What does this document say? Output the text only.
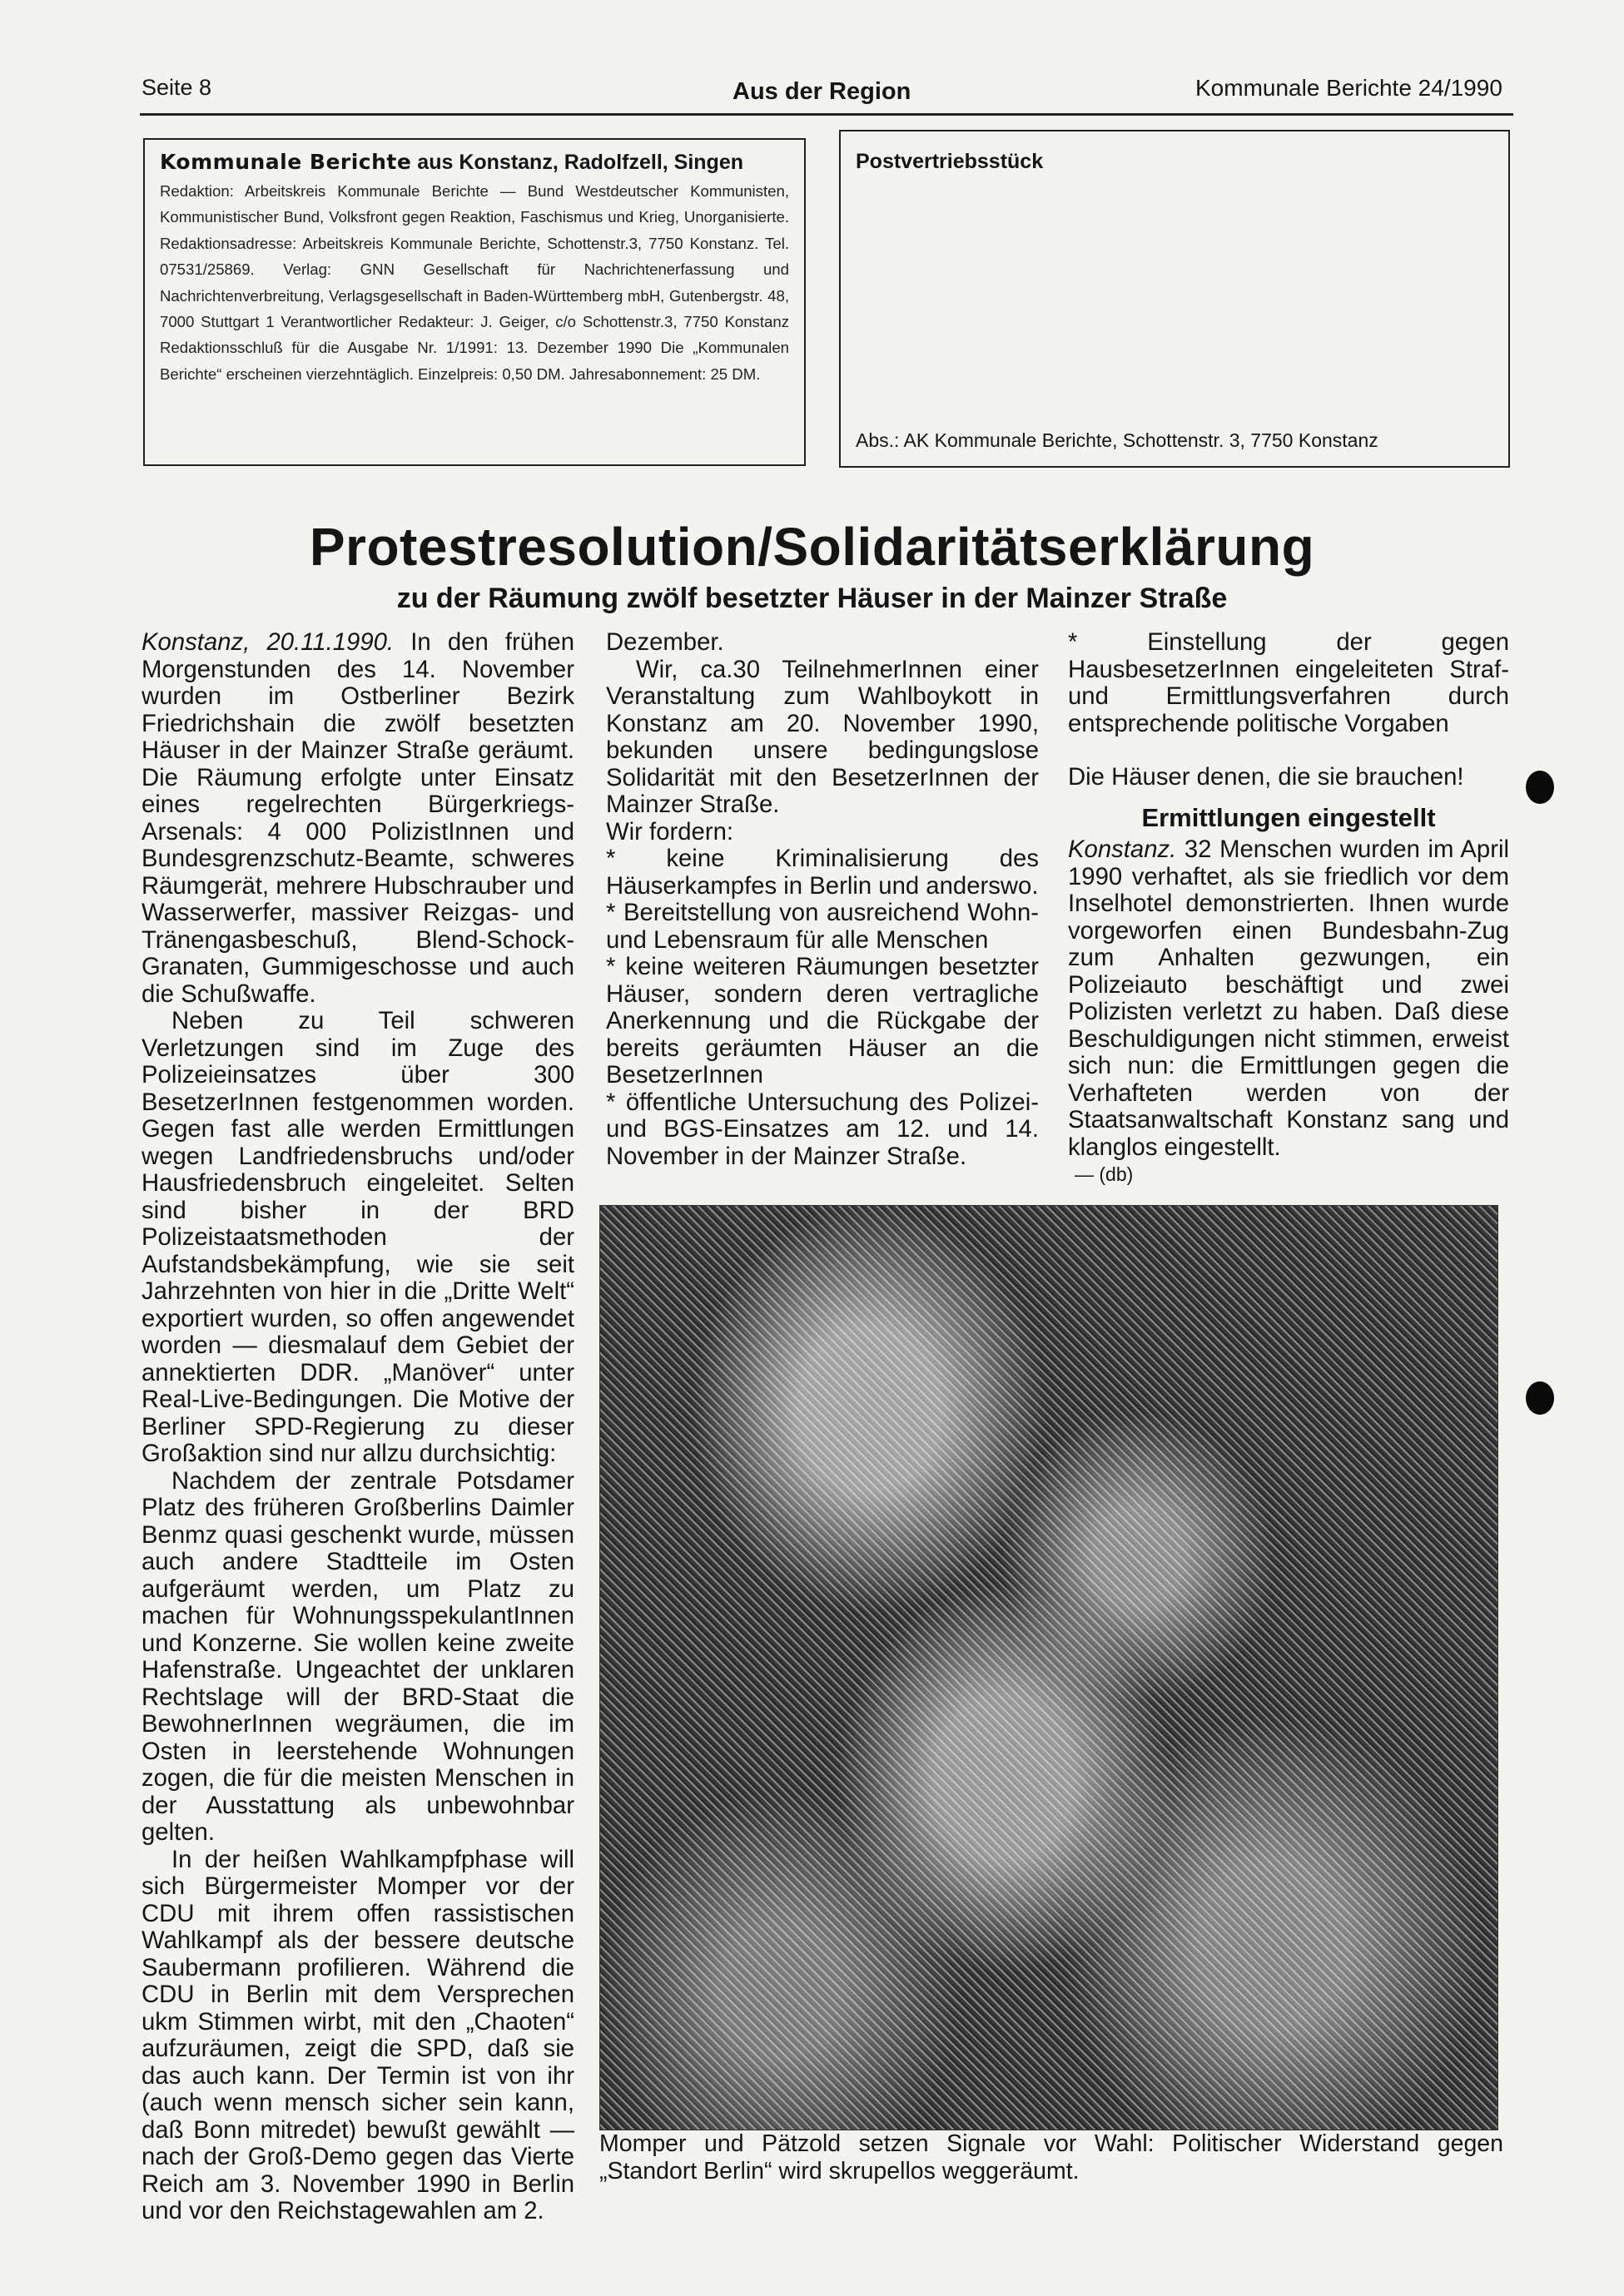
Seite 8	Aus der Region	Kommunale Berichte 24/1990
Kommunale Berichte aus Konstanz, Radolfzell, Singen
Redaktion: Arbeitskreis Kommunale Berichte — Bund Westdeutscher Kommunisten, Kommunistischer Bund, Volksfront gegen Reaktion, Faschismus und Krieg, Unorganisierte. Redaktionsadresse: Arbeitskreis Kommunale Berichte, Schottenstr.3, 7750 Konstanz. Tel. 07531/25869. Verlag: GNN Gesellschaft für Nachrichtenerfassung und Nachrichtenverbreitung, Verlagsgesellschaft in Baden-Württemberg mbH, Gutenbergstr. 48, 7000 Stuttgart 1 Verantwortlicher Redakteur: J. Geiger, c/o Schottenstr.3, 7750 Konstanz Redaktionsschluß für die Ausgabe Nr. 1/1991: 13. Dezember 1990 Die „Kommunalen Berichte“ erscheinen vierzehntäglich. Einzelpreis: 0,50 DM. Jahresabonnement: 25 DM.
Postvertriebsstück
Abs.: AK Kommunale Berichte, Schottenstr. 3, 7750 Konstanz
Protestresolution/Solidaritätserklärung
zu der Räumung zwölf besetzter Häuser in der Mainzer Straße

Konstanz, 20.11.1990. In den frühen Morgenstunden des 14. November wurden im Ostberliner Bezirk Friedrichshain die zwölf besetzten Häuser in der Mainzer Straße geräumt. Die Räumung erfolgte unter Einsatz eines regelrechten Bürgerkriegs-Arsenals: 4 000 PolizistInnen und Bundesgrenzschutz-Beamte, schweres Räumgerät, mehrere Hubschrauber und Wasserwerfer, massiver Reizgas- und Tränengasbeschuß, Blend-Schock-Granaten, Gummigeschosse und auch die Schußwaffe.

Neben zu Teil schweren Verletzungen sind im Zuge des Polizeieinsatzes über 300 BesetzerInnen festgenommen worden. Gegen fast alle werden Ermittlungen wegen Landfriedensbruchs und/oder Hausfriedensbruch eingeleitet. Selten sind bisher in der BRD Polizeistaatsmethoden der Aufstandsbekämpfung, wie sie seit Jahrzehnten von hier in die „Dritte Welt“ exportiert wurden, so offen angewendet worden — diesmalauf dem Gebiet der annektierten DDR. „Manöver“ unter Real-Live-Bedingungen. Die Motive der Berliner SPD-Regierung zu dieser Großaktion sind nur allzu durchsichtig:

Nachdem der zentrale Potsdamer Platz des früheren Großberlins Daimler Benmz quasi geschenkt wurde, müssen auch andere Stadtteile im Osten aufgeräumt werden, um Platz zu machen für WohnungsspekulantInnen und Konzerne. Sie wollen keine zweite Hafenstraße. Ungeachtet der unklaren Rechtslage will der BRD-Staat die BewohnerInnen wegräumen, die im Osten in leerstehende Wohnungen zogen, die für die meisten Menschen in der Ausstattung als unbewohnbar gelten.

In der heißen Wahlkampfphase will sich Bürgermeister Momper vor der CDU mit ihrem offen rassistischen Wahlkampf als der bessere deutsche Saubermann profilieren. Während die CDU in Berlin mit dem Versprechen ukm Stimmen wirbt, mit den „Chaoten“ aufzuräumen, zeigt die SPD, daß sie das auch kann. Der Termin ist von ihr (auch wenn mensch sicher sein kann, daß Bonn mitredet) bewußt gewählt — nach der Groß-Demo gegen das Vierte Reich am 3. November 1990 in Berlin und vor den Reichstagewahlen am 2.

Dezember.

Wir, ca.30 TeilnehmerInnen einer Veranstaltung zum Wahlboykott in Konstanz am 20. November 1990, bekunden unsere bedingungslose Solidarität mit den BesetzerInnen der Mainzer Straße.

Wir fordern:

* keine Kriminalisierung des Häuserkampfes in Berlin und anderswo.

* Bereitstellung von ausreichend Wohn- und Lebensraum für alle Menschen

* keine weiteren Räumungen besetzter Häuser, sondern deren vertragliche Anerkennung und die Rückgabe der bereits geräumten Häuser an die BesetzerInnen

* öffentliche Untersuchung des Polizei- und BGS-Einsatzes am 12. und 14. November in der Mainzer Straße.

* Einstellung der gegen HausbesetzerInnen eingeleiteten Straf- und Ermittlungsverfahren durch entsprechende politische Vorgaben

Die Häuser denen, die sie brauchen!

Ermittlungen eingestellt

Konstanz. 32 Menschen wurden im April 1990 verhaftet, als sie friedlich vor dem Inselhotel demonstrierten. Ihnen wurde vorgeworfen einen Bundesbahn-Zug zum Anhalten gezwungen, ein Polizeiauto beschäftigt und zwei Polizisten verletzt zu haben. Daß diese Beschuldigungen nicht stimmen, erweist sich nun: die Ermittlungen gegen die Verhafteten werden von der Staatsanwaltschaft Konstanz sang und klanglos eingestellt.

— (db)

Momper und Pätzold setzen Signale vor Wahl: Politischer Widerstand gegen „Standort Berlin“ wird skrupellos weggeräumt.
